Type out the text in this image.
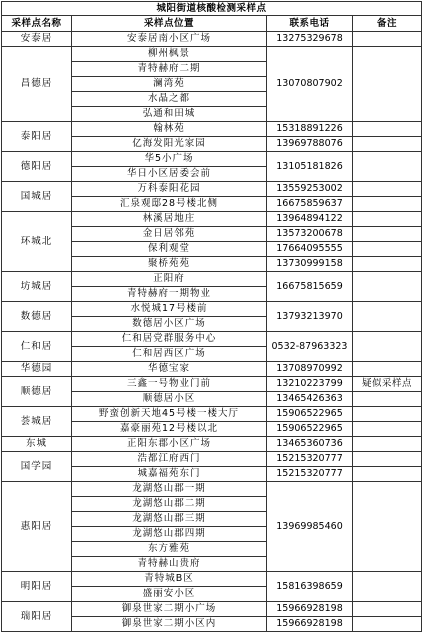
城阳街道核酸检测采样点			
采样点名称	采样点位置	联系电话	备注
安泰居	安泰居南小区广场	13275329678	
昌德居	柳州枫景	13070807902	
	青特赫府二期		
	澜湾苑		
	水晶之都		
	弘通和田城		
泰阳居	翰林苑	15318891226	
	亿海发阳光家园	13969788076	
德阳居	华5小广场	13105181826	
	华日小区居委会前		
国城居	万科泰阳花园	13559253002	
	汇泉观邸28号楼北侧	16675859637	
环城北	林溪居地庄	13964894122	
	金日居邻苑	13573200678	
	保利观堂	17664095555	
	聚桥苑苑	13730999158	
坊城居	正阳府	16675815659	
	青特赫府一期物业		
数德居	水悦城17号楼前	13793213970	
	数德居小区广场		
仁和居	仁和居党群服务中心	0532-87963323	
	仁和居西区广场		
华德园	华德宝家	13708970992	
顺德居	三鑫一号物业门前	13210223799	疑似采样点
	顺德居小区	13465426363	
荟城居	野蛮创新天地45号楼一楼大厅	15906522965	
	嘉豪丽苑12号楼以北	15906522965	
东城	正阳东郡小区广场	13465360736	
国学园	浩都江府西门	15215320777	
	城嘉福苑东门	15215320777	
惠阳居	龙湖悠山郡一期	13969985460	
	龙湖悠山郡二期		
	龙湖悠山郡三期		
	龙湖悠山郡四期		
	东方雅苑		
	青特赫山贵府		
明阳居	青特城B区	15816398659	
	盛丽安小区		
瑞阳居	御泉世家二期小广场	15966928198	
	御泉世家二期小区内	15966928198	
